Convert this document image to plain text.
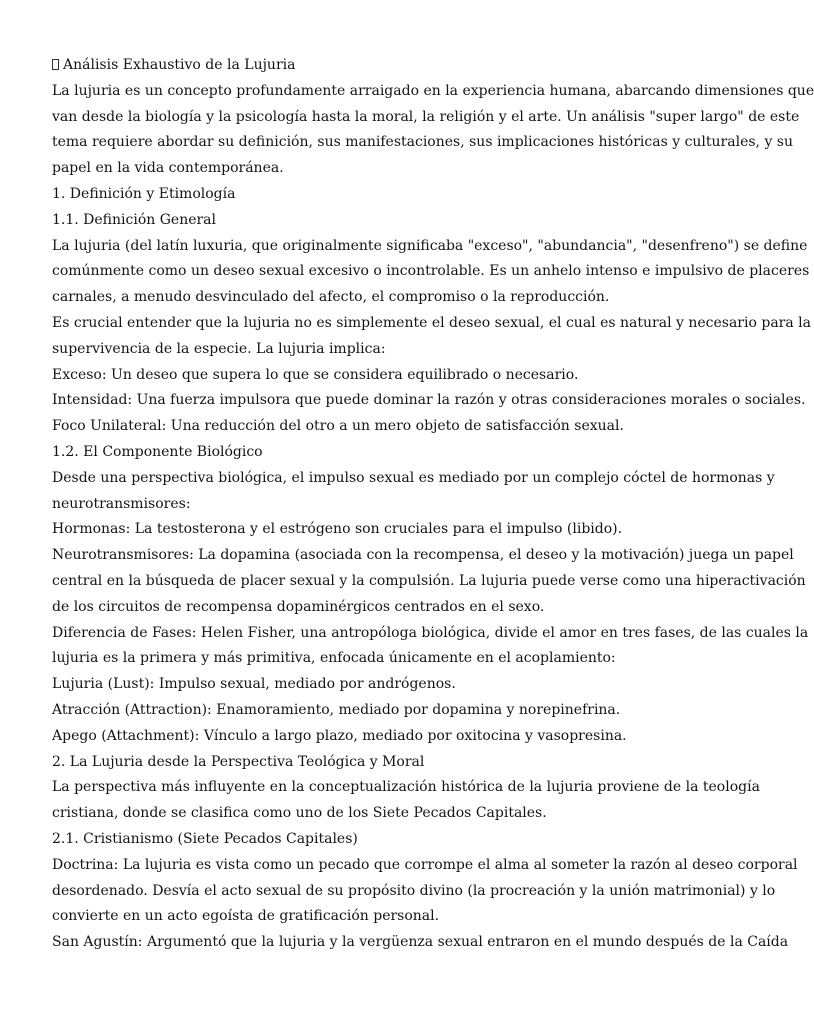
Análisis Exhaustivo de la Lujuria
La lujuria es un concepto profundamente arraigado en la experiencia humana, abarcando dimensiones que
van desde la biología y la psicología hasta la moral, la religión y el arte. Un análisis "super largo" de este
tema requiere abordar su definición, sus manifestaciones, sus implicaciones históricas y culturales, y su
papel en la vida contemporánea.
1. Definición y Etimología
1.1. Definición General
La lujuria (del latín luxuria, que originalmente significaba "exceso", "abundancia", "desenfreno") se define
comúnmente como un deseo sexual excesivo o incontrolable. Es un anhelo intenso e impulsivo de placeres
carnales, a menudo desvinculado del afecto, el compromiso o la reproducción.
Es crucial entender que la lujuria no es simplemente el deseo sexual, el cual es natural y necesario para la
supervivencia de la especie. La lujuria implica:
Exceso: Un deseo que supera lo que se considera equilibrado o necesario.
Intensidad: Una fuerza impulsora que puede dominar la razón y otras consideraciones morales o sociales.
Foco Unilateral: Una reducción del otro a un mero objeto de satisfacción sexual.
1.2. El Componente Biológico
Desde una perspectiva biológica, el impulso sexual es mediado por un complejo cóctel de hormonas y
neurotransmisores:
Hormonas: La testosterona y el estrógeno son cruciales para el impulso (libido).
Neurotransmisores: La dopamina (asociada con la recompensa, el deseo y la motivación) juega un papel
central en la búsqueda de placer sexual y la compulsión. La lujuria puede verse como una hiperactivación
de los circuitos de recompensa dopaminérgicos centrados en el sexo.
Diferencia de Fases: Helen Fisher, una antropóloga biológica, divide el amor en tres fases, de las cuales la
lujuria es la primera y más primitiva, enfocada únicamente en el acoplamiento:
Lujuria (Lust): Impulso sexual, mediado por andrógenos.
Atracción (Attraction): Enamoramiento, mediado por dopamina y norepinefrina.
Apego (Attachment): Vínculo a largo plazo, mediado por oxitocina y vasopresina.
2. La Lujuria desde la Perspectiva Teológica y Moral
La perspectiva más influyente en la conceptualización histórica de la lujuria proviene de la teología
cristiana, donde se clasifica como uno de los Siete Pecados Capitales.
2.1. Cristianismo (Siete Pecados Capitales)
Doctrina: La lujuria es vista como un pecado que corrompe el alma al someter la razón al deseo corporal
desordenado. Desvía el acto sexual de su propósito divino (la procreación y la unión matrimonial) y lo
convierte en un acto egoísta de gratificación personal.
San Agustín: Argumentó que la lujuria y la vergüenza sexual entraron en el mundo después de la Caída
